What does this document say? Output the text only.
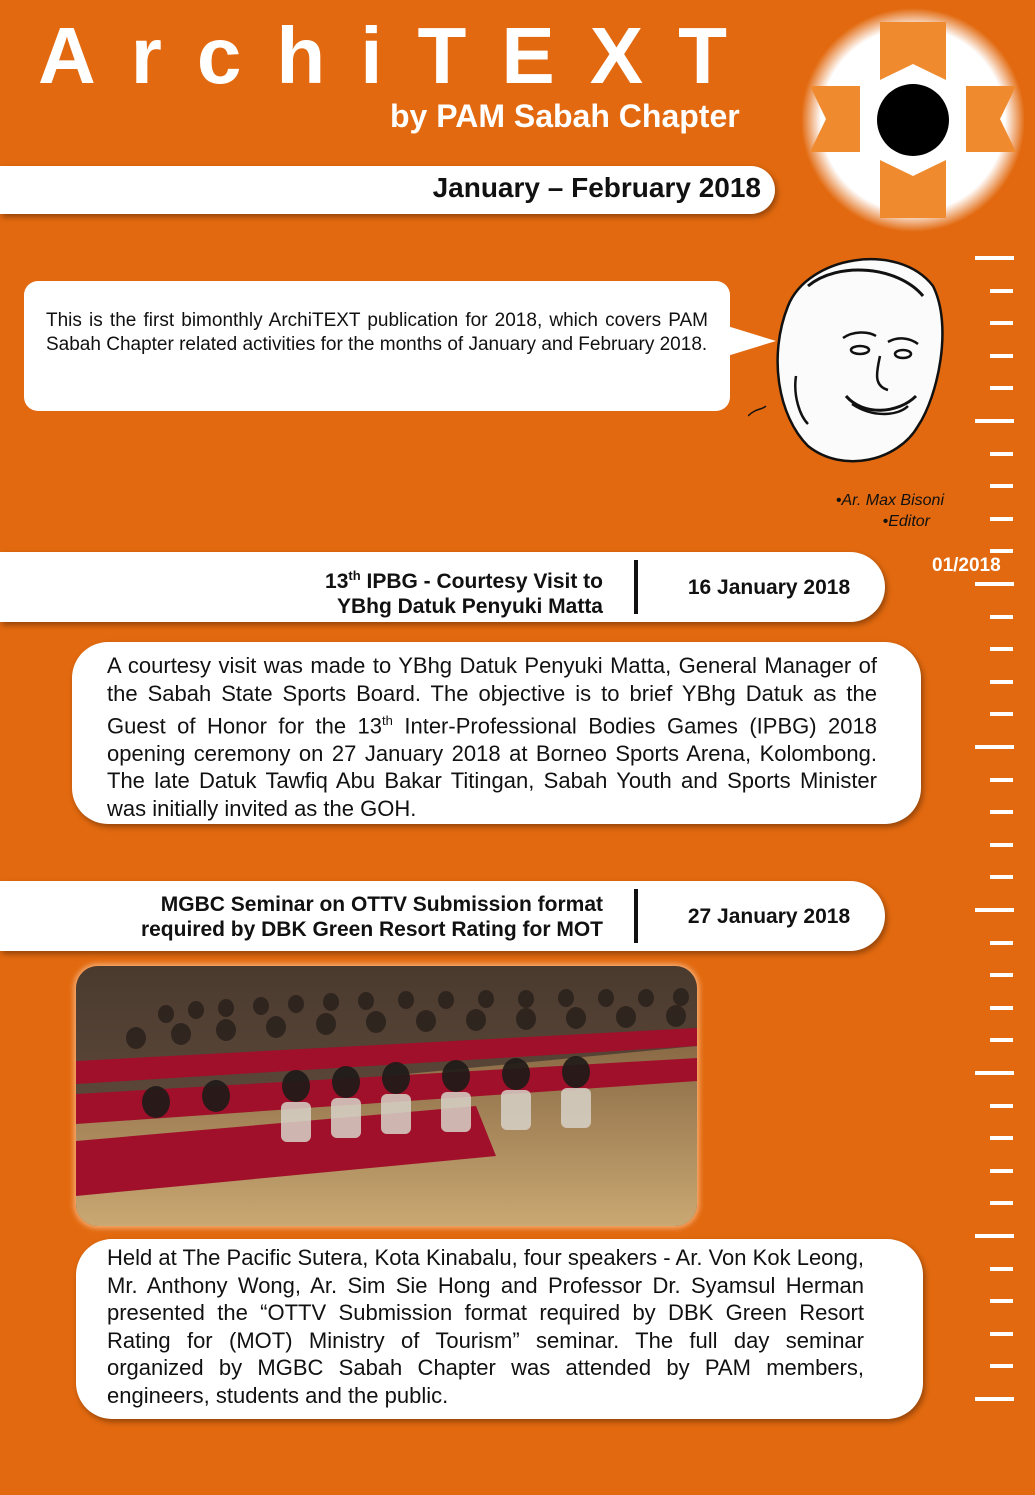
ArchiTEXT
by PAM Sabah Chapter
January – February 2018
This is the first bimonthly ArchiTEXT publication for 2018, which covers PAM Sabah Chapter related activities for the months of January and February 2018.
•Ar. Max Bisoni
•Editor
01/2018
13th IPBG - Courtesy Visit to
YBhg Datuk Penyuki Matta
16 January 2018
A courtesy visit was made to YBhg Datuk Penyuki Matta, General Manager of the Sabah State Sports Board. The objective is to brief YBhg Datuk as the Guest of Honor for the 13th Inter-Professional Bodies Games (IPBG) 2018 opening ceremony on 27 January 2018 at Borneo Sports Arena, Kolombong. The late Datuk Tawfiq Abu Bakar Titingan, Sabah Youth and Sports Minister was initially invited as the GOH.
MGBC Seminar on OTTV Submission format
required by DBK Green Resort Rating for MOT
27 January 2018
Held at The Pacific Sutera, Kota Kinabalu, four speakers - Ar. Von Kok Leong, Mr. Anthony Wong, Ar. Sim Sie Hong and Professor Dr. Syamsul Herman presented the “OTTV Submission format required by DBK Green Resort Rating for (MOT) Ministry of Tourism” seminar. The full day seminar organized by MGBC Sabah Chapter was attended by PAM members, engineers, students and the public.
